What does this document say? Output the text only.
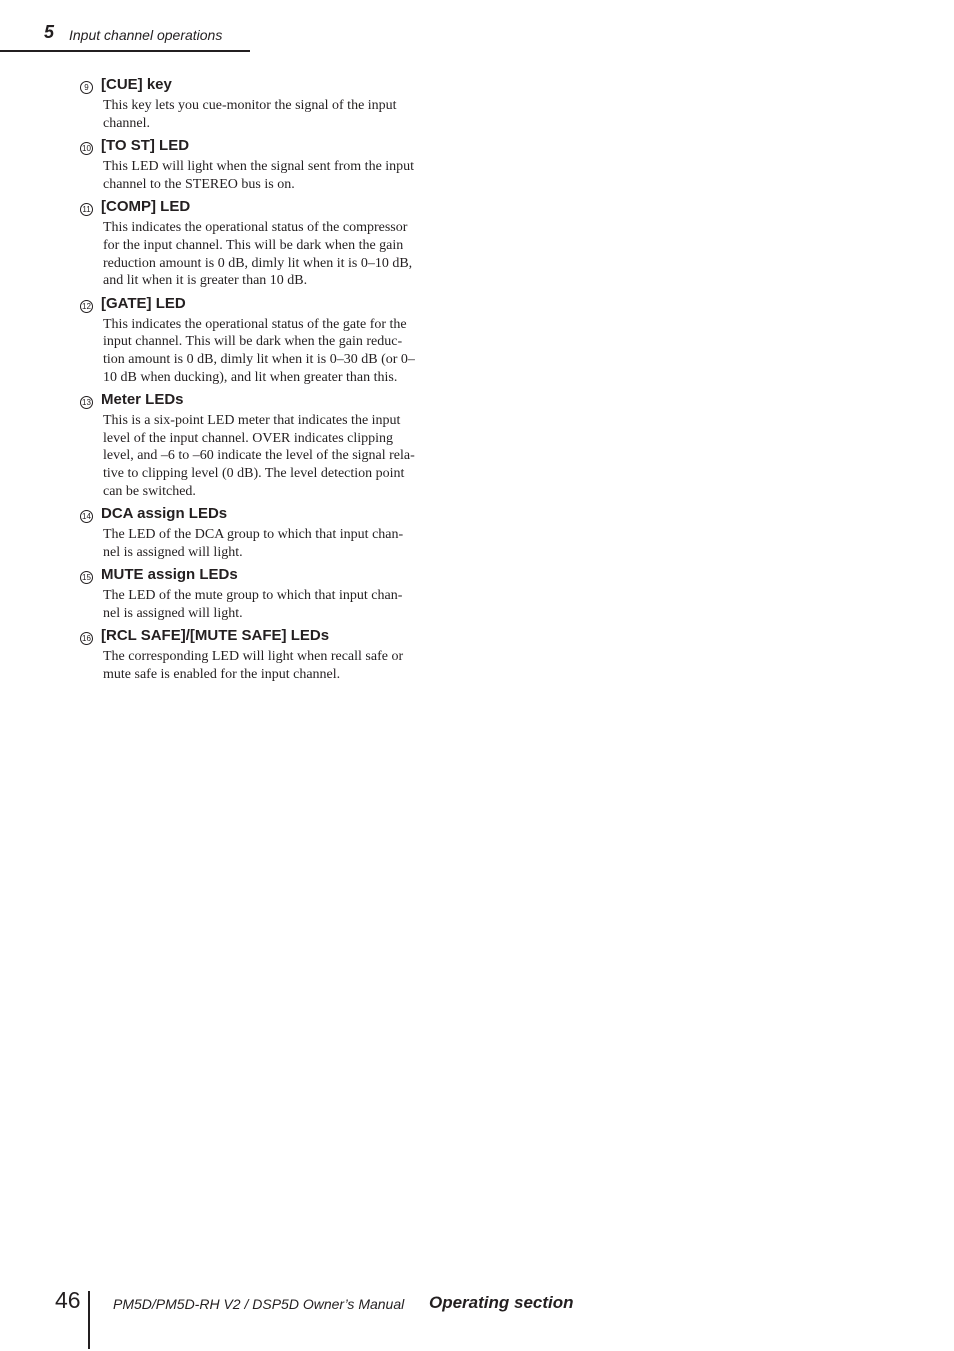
5 Input channel operations
9 [CUE] key
This key lets you cue-monitor the signal of the input
channel.
10 [TO ST] LED
This LED will light when the signal sent from the input
channel to the STEREO bus is on.
11 [COMP] LED
This indicates the operational status of the compressor
for the input channel. This will be dark when the gain
reduction amount is 0 dB, dimly lit when it is 0–10 dB,
and lit when it is greater than 10 dB.
12 [GATE] LED
This indicates the operational status of the gate for the
input channel. This will be dark when the gain reduc-
tion amount is 0 dB, dimly lit when it is 0–30 dB (or 0–
10 dB when ducking), and lit when greater than this.
13 Meter LEDs
This is a six-point LED meter that indicates the input
level of the input channel. OVER indicates clipping
level, and –6 to –60 indicate the level of the signal rela-
tive to clipping level (0 dB). The level detection point
can be switched.
14 DCA assign LEDs
The LED of the DCA group to which that input chan-
nel is assigned will light.
15 MUTE assign LEDs
The LED of the mute group to which that input chan-
nel is assigned will light.
16 [RCL SAFE]/[MUTE SAFE] LEDs
The corresponding LED will light when recall safe or
mute safe is enabled for the input channel.
46 PM5D/PM5D-RH V2 / DSP5D Owner’s Manual Operating section
